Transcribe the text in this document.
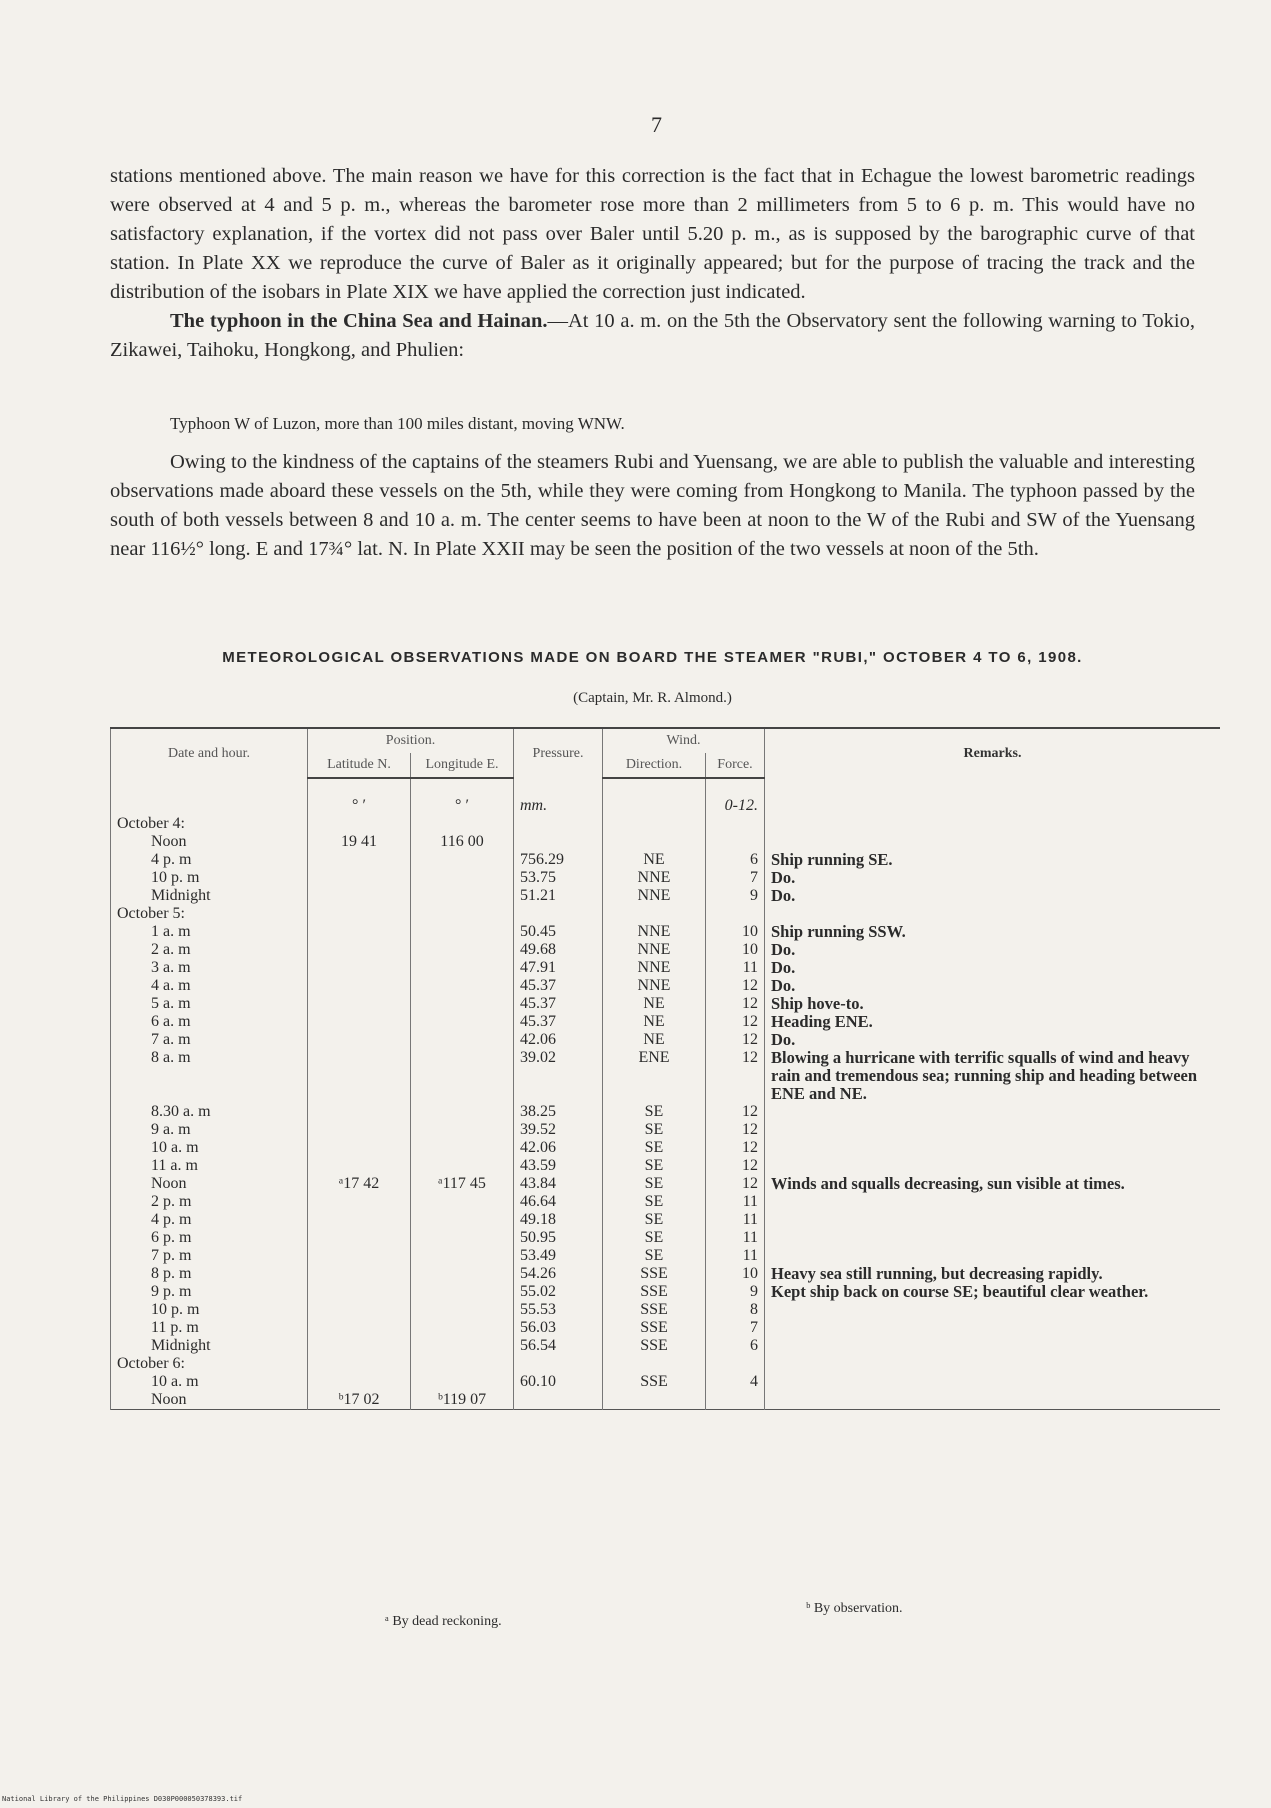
7

stations mentioned above. The main reason we have for this correction is the fact that in Echague the lowest barometric readings were observed at 4 and 5 p. m., whereas the barometer rose more than 2 millimeters from 5 to 6 p. m. This would have no satisfactory explanation, if the vortex did not pass over Baler until 5.20 p. m., as is supposed by the barographic curve of that station. In Plate XX we reproduce the curve of Baler as it originally appeared; but for the purpose of tracing the track and the distribution of the isobars in Plate XIX we have applied the correction just indicated.

The typhoon in the China Sea and Hainan.—At 10 a. m. on the 5th the Observatory sent the following warning to Tokio, Zikawei, Taihoku, Hongkong, and Phulien:

Typhoon W of Luzon, more than 100 miles distant, moving WNW.

Owing to the kindness of the captains of the steamers Rubi and Yuensang, we are able to publish the valuable and interesting observations made aboard these vessels on the 5th, while they were coming from Hongkong to Manila. The typhoon passed by the south of both vessels between 8 and 10 a. m. The center seems to have been at noon to the W of the Rubi and SW of the Yuensang near 116½° long. E and 17¾° lat. N. In Plate XXII may be seen the position of the two vessels at noon of the 5th.

METEOROLOGICAL OBSERVATIONS MADE ON BOARD THE STEAMER "RUBI," OCTOBER 4 TO 6, 1908.
(Captain, Mr. R. Almond.)
Date and hour.	Position.		Pressure.	Wind.		Remarks.
	Latitude N.	Longitude E.		Direction.	Force.	

	° ′	° ′	mm.		0-12.	
October 4:						
Noon	19 41	116 00				
4 p. m			756.29	NE	6	Ship running SE.
10 p. m			53.75	NNE	7	Do.
Midnight			51.21	NNE	9	Do.
October 5:						
1 a. m			50.45	NNE	10	Ship running SSW.
2 a. m			49.68	NNE	10	Do.
3 a. m			47.91	NNE	11	Do.
4 a. m			45.37	NNE	12	Do.
5 a. m			45.37	NE	12	Ship hove-to.
6 a. m			45.37	NE	12	Heading ENE.
7 a. m			42.06	NE	12	Do.
8 a. m			39.02	ENE	12	Blowing a hurricane with terrific squalls of wind and heavy rain and tremendous sea; running ship and heading between ENE and NE.
8.30 a. m			38.25	SE	12	
9 a. m			39.52	SE	12	
10 a. m			42.06	SE	12	
11 a. m			43.59	SE	12	
Noon	ᵃ17 42	ᵃ117 45	43.84	SE	12	Winds and squalls decreasing, sun visible at times.
2 p. m			46.64	SE	11	
4 p. m			49.18	SE	11	
6 p. m			50.95	SE	11	
7 p. m			53.49	SE	11	
8 p. m			54.26	SSE	10	Heavy sea still running, but decreasing rapidly.
9 p. m			55.02	SSE	9	Kept ship back on course SE; beautiful clear weather.
10 p. m			55.53	SSE	8	
11 p. m			56.03	SSE	7	
Midnight			56.54	SSE	6	
October 6:						
10 a. m			60.10	SSE	4	
Noon	ᵇ17 02	ᵇ119 07				
ᵃ By dead reckoning.
ᵇ By observation.
National Library of the Philippines D030P000050378393.tif
